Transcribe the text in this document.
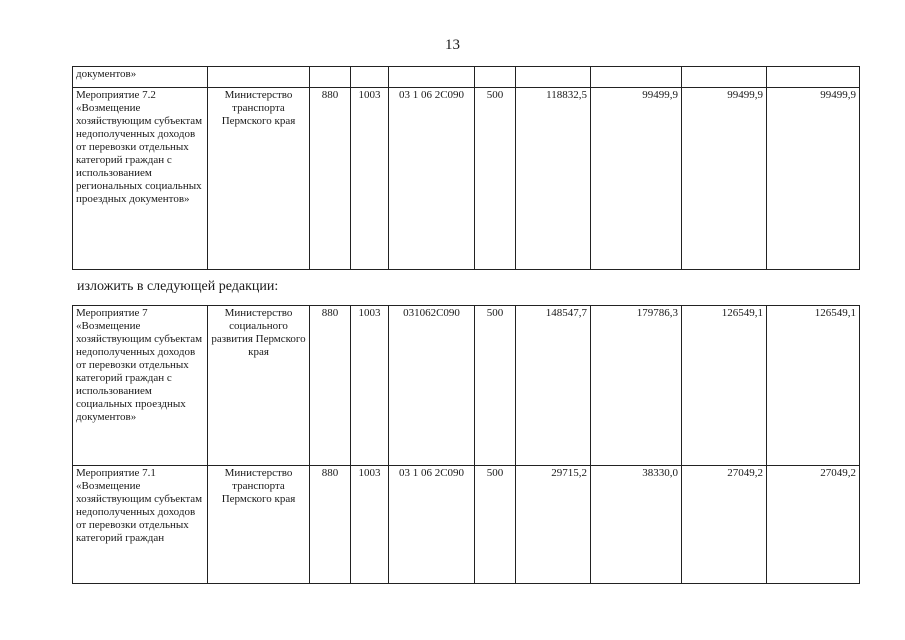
13
документов»									
Мероприятие 7.2 «Возмещение хозяйствующим субъектам недополученных доходов от перевозки отдельных категорий граждан с использованием региональных социальных проездных документов»	Министерство транспорта Пермского края	880	1003	03 1 06 2С090	500	118832,5	99499,9	99499,9	99499,9
изложить в следующей редакции:
Мероприятие 7 «Возмещение хозяйствующим субъектам недополученных доходов от перевозки отдельных категорий граждан с использованием социальных проездных документов»	Министерство социального развития Пермского края	880	1003	031062С090	500	148547,7	179786,3	126549,1	126549,1
Мероприятие 7.1 «Возмещение хозяйствующим субъектам недополученных доходов от перевозки отдельных категорий граждан	Министерство транспорта Пермского края	880	1003	03 1 06 2С090	500	29715,2	38330,0	27049,2	27049,2
